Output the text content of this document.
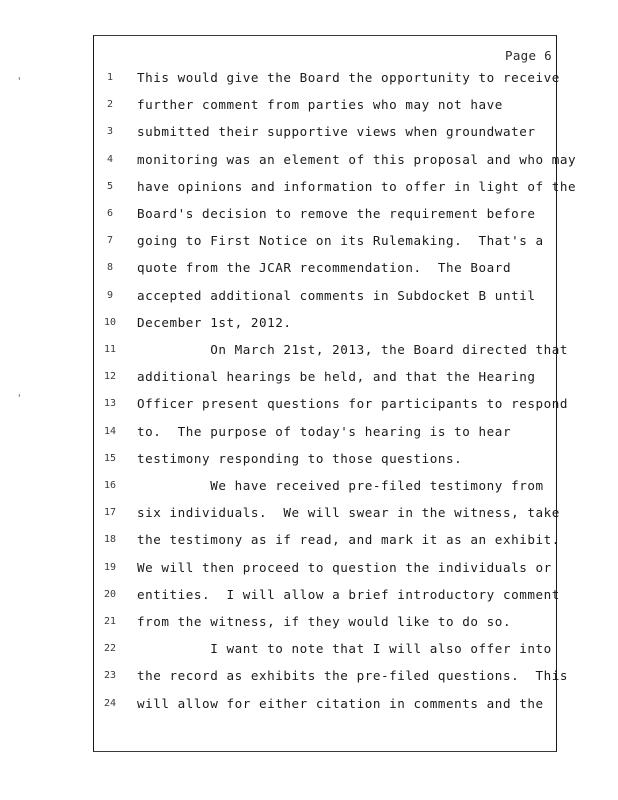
Page 6
'
'
1	This would give the Board the opportunity to receive
2	further comment from parties who may not have
3	submitted their supportive views when groundwater
4	monitoring was an element of this proposal and who may
5	have opinions and information to offer in light of the
6	Board's decision to remove the requirement before
7	going to First Notice on its Rulemaking.  That's a
8	quote from the JCAR recommendation.  The Board
9	accepted additional comments in Subdocket B until
10	December 1st, 2012.
11	On March 21st, 2013, the Board directed that
12	additional hearings be held, and that the Hearing
13	Officer present questions for participants to respond
14	to.  The purpose of today's hearing is to hear
15	testimony responding to those questions.
16	We have received pre-filed testimony from
17	six individuals.  We will swear in the witness, take
18	the testimony as if read, and mark it as an exhibit.
19	We will then proceed to question the individuals or
20	entities.  I will allow a brief introductory comment
21	from the witness, if they would like to do so.
22	I want to note that I will also offer into
23	the record as exhibits the pre-filed questions.  This
24	will allow for either citation in comments and the
